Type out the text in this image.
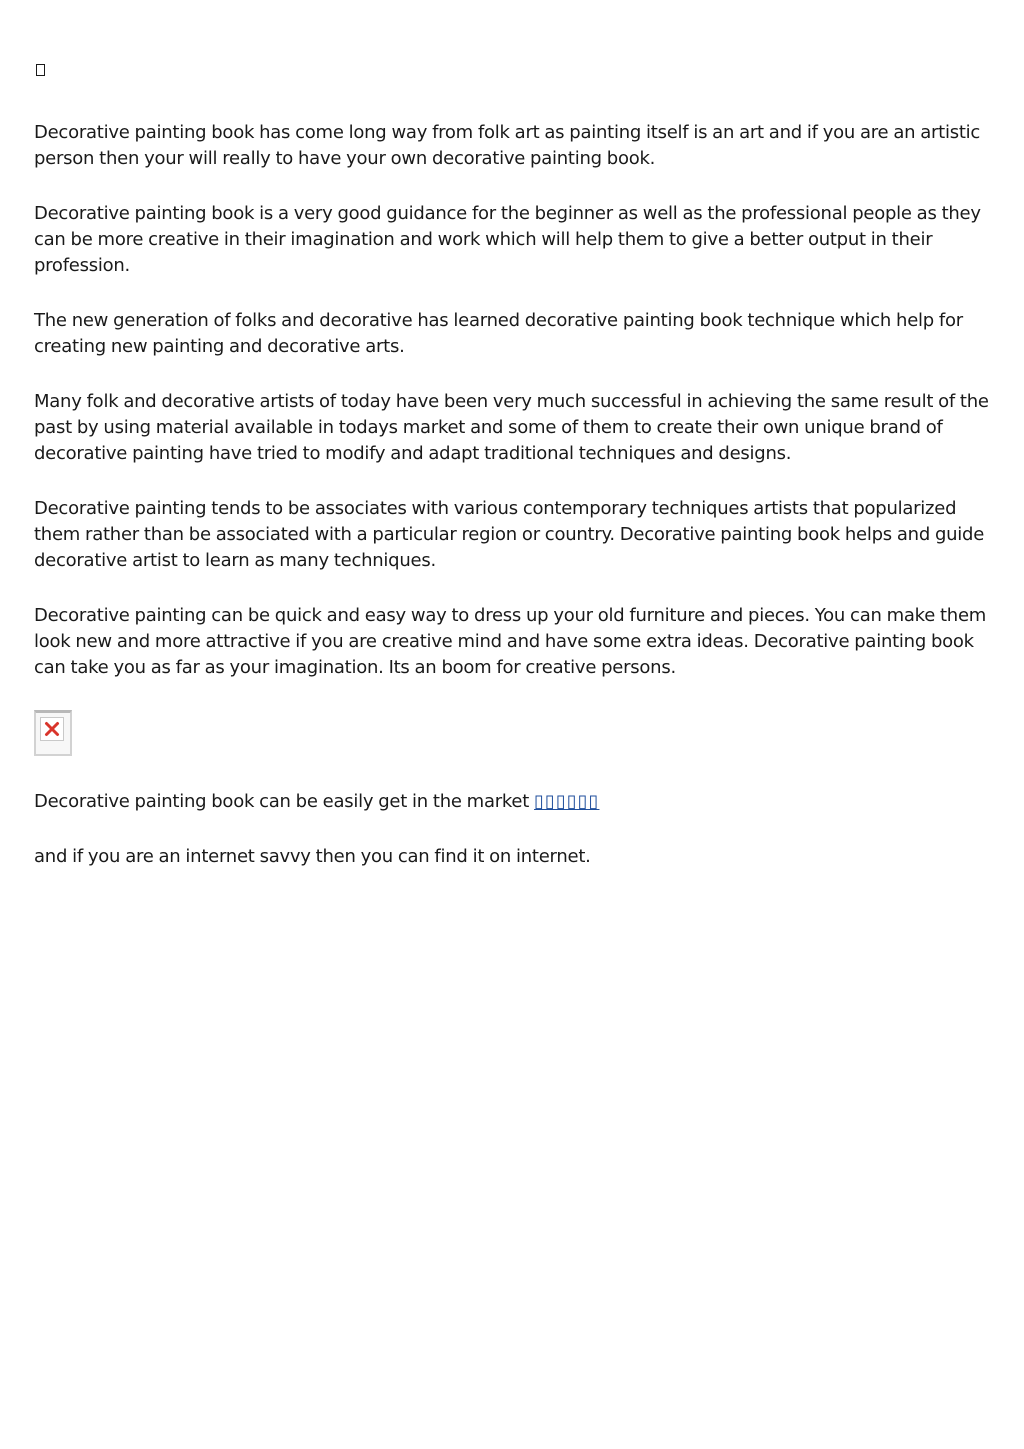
Decorative painting book has come long way from folk art as painting itself is an art and if you are an artistic person then your will really to have your own decorative painting book.

Decorative painting book is a very good guidance for the beginner as well as the professional people as they can be more creative in their imagination and work which will help them to give a better output in their profession.

The new generation of folks and decorative has learned decorative painting book technique which help for creating new painting and decorative arts.

Many folk and decorative artists of today have been very much successful in achieving the same result of the past by using material available in todays market and some of them to create their own unique brand of decorative painting have tried to modify and adapt traditional techniques and designs.

Decorative painting tends to be associates with various contemporary techniques artists that popularized them rather than be associated with a particular region or country. Decorative painting book helps and guide decorative artist to learn as many techniques.

Decorative painting can be quick and easy way to dress up your old furniture and pieces. You can make them look new and more attractive if you are creative mind and have some extra ideas. Decorative painting book can take you as far as your imagination. Its an boom for creative persons.

Decorative painting book can be easily get in the market ▯▯▯▯▯▯

and if you are an internet savvy then you can find it on internet.
